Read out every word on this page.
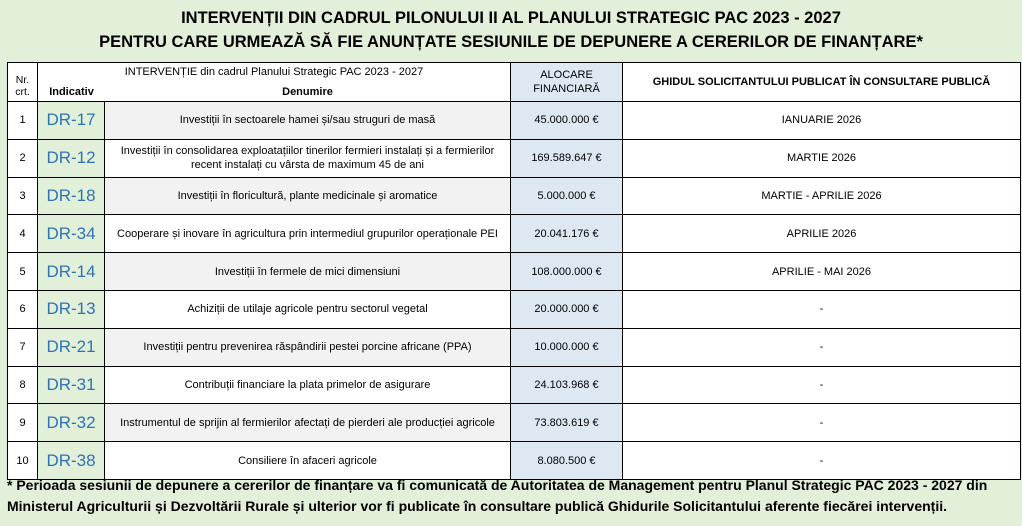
INTERVENȚII DIN CADRUL PILONULUI II AL PLANULUI STRATEGIC PAC 2023 - 2027
PENTRU CARE URMEAZĂ SĂ FIE ANUNȚATE SESIUNILE DE DEPUNERE A CERERILOR DE FINANȚARE*
Nr. crt.	INTERVENȚIE din cadrul Planului Strategic PAC 2023 - 2027
Indicativ Denumire		ALOCARE FINANCIARĂ	GHIDUL SOLICITANTULUI PUBLICAT ÎN CONSULTARE PUBLICĂ
1	DR-17	Investiții în sectoarele hamei și/sau struguri de masă	45.000.000 €	IANUARIE 2026
2	DR-12	Investiții în consolidarea exploatațiilor tinerilor fermieri instalați și a fermierilor recent instalați cu vârsta de maximum 45 de ani	169.589.647 €	MARTIE 2026
3	DR-18	Investiții în floricultură, plante medicinale și aromatice	5.000.000 €	MARTIE - APRILIE 2026
4	DR-34	Cooperare și inovare în agricultura prin intermediul grupurilor operaționale PEI	20.041.176 €	APRILIE 2026
5	DR-14	Investiții în fermele de mici dimensiuni	108.000.000 €	APRILIE - MAI 2026
6	DR-13	Achiziții de utilaje agricole pentru sectorul vegetal	20.000.000 €	-
7	DR-21	Investiții pentru prevenirea răspândirii pestei porcine africane (PPA)	10.000.000 €	-
8	DR-31	Contribuții financiare la plata primelor de asigurare	24.103.968 €	-
9	DR-32	Instrumentul de sprijin al fermierilor afectați de pierderi ale producției agricole	73.803.619 €	-
10	DR-38	Consiliere în afaceri agricole	8.080.500 €	-
* Perioada sesiunii de depunere a cererilor de finanțare va fi comunicată de Autoritatea de Management pentru Planul Strategic PAC 2023 - 2027 din Ministerul Agriculturii și Dezvoltării Rurale și ulterior vor fi publicate în consultare publică Ghidurile Solicitantului aferente fiecărei intervenții.
